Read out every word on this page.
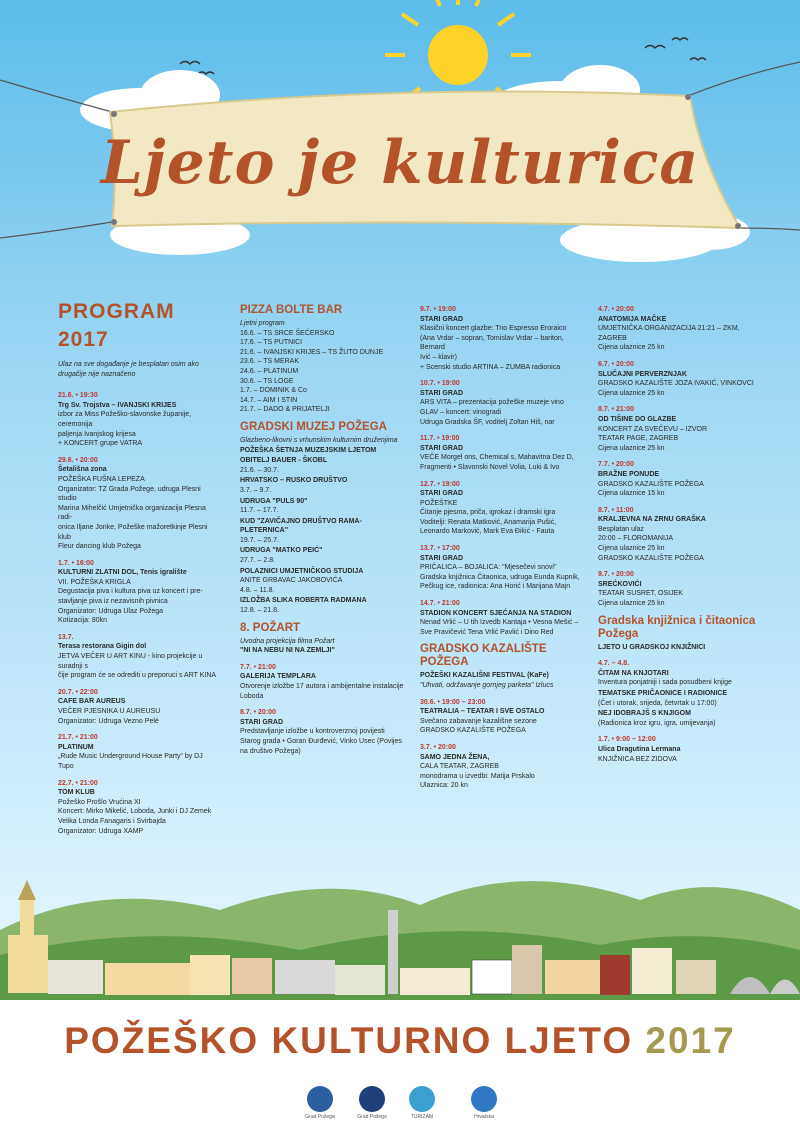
Ljeto je kulturica
PROGRAM 2017
Ulaz na sve događanje je besplatan osim ako drugačije nije naznačeno
21.6. • 19:30
Trg Sv. Trojstva – IVANJSKI KRIJES
izbor za Miss Požeško-slavonske županije, ceremonija
paljenja Ivanjskog krijesa
+ KONCERT grupe VATRA
29.6. • 20:00
Šetališna zona
POŽEŠKA FUŠNA LEPEZA
Organizator: TZ Grada Požege, udruga Plesni studio
Marina Mihelčić Umjetnička organizacija Plesna radi-
onica Iljane Jonke, Požeške mažoretkinje Plesni klub
Fleur dancing klub Požega
1.7. • 16:00
KULTURNI ZLATNI DOL, Tenis igralište
VII. POŽEŠKA KRIGLA
Degustacija piva i kultura piva uz koncert i pre-
stavljanje piva iz nezavisnih pivnica
Organizator: Udruga Ulaz Požega
Kotizacija: 80kn
13.7.
Terasa restorana Gigin dol
JETVA VEČER U ART KINU - kino projekcije u suradnji s
čije program će se odrediti u preporuci s ART KINA
20.7. • 22:00
CAFE BAR AUREUS
VEČER PJESNIKA U AUREUSU
Organizator: Udruga Vezno Pelé
21.7. • 21:00
PLATINUM
„Rude Music Underground House Party“ by DJ Tupo
22.7. • 21:00
TOM KLUB
Požeško Prošlo Vrućina XI
Koncert: Mirko Mikelić, Loboda, Junki i DJ Zemek
Velika Londa Fanagaris i Svirbajda
Organizator: Udruga XAMP
PIZZA BOLTE BAR
Ljetni program
16.6. – TS SRCE ŠEĆERSKO
17.6. – TS PUTNICI
21.6. – IVANJSKI KRIJES – TS ŽUTO DUNJE
23.6. – TS MERAK
24.6. – PLATINUM
30.6. – TS LOGE
1.7. – DOMINIK & Co
14.7. – AIM I STIN
21.7. – DADO & PRIJATELJI
GRADSKI MUZEJ POŽEGA
Glazbeno-likovni s vrhunskim kulturnim druženjima
POŽEŠKA ŠETNJA MUZEJSKIM LJETOM
OBITELJ BAUER - ŠKOBL
21.6. – 30.7.
HRVATSKO – RUSKO DRUŠTVO
3.7. – 9.7.
UDRUGA "PULS 90"
11.7. – 17.7.
KUD "ZAVIČAJNO DRUŠTVO RAMA-PLETERNICA"
19.7. – 25.7.
UDRUGA "MATKO PEIĆ"
27.7. – 2.8.
POLAZNICI UMJETNIČKOG STUDIJA
ANITE GRBAVAC JAKOBOVIĆA
4.8. – 11.8.
IZLOŽBA SLIKA ROBERTA RADMANA
12.8. – 21.8.
8. POŽART
Uvodna projekcija filma Požart
"NI NA NEBU NI NA ZEMLJI"
7.7. • 21:00
GALERIJA TEMPLARA
Otvorenje izložbe 17 autora i ambijentalne instalacije
Loboda
8.7. • 20:00
STARI GRAD
Predstavljanje izložbe u kontroverznoj povijesti
Starog grada • Goran Đurđević, Vinko Usec (Povijes
na društvo Požega)
9.7. • 19:00
STARI GRAD
Klasični koncert glazbe: Trio Espresso Eroraico
(Ana Vrdar – sopran, Tomislav Vrdar – bariton, Bernard
Ivić – klavir)
+ Scenski studio ARTINA – ZUMBA radionica
10.7. • 19:00
STARI GRAD
ARS VITA – prezentacija požeške muzeje vino
GLAV – koncert: vinogradi
Udruga Gradska ŠF, voditelj Zoltan Hiš, nar
11.7. • 19:00
STARI GRAD
VEČE Morgel ons, Chemical s, Mahavitna Dez D,
Fragmenti • Slavonski Novel Volia, Luki & Ivo
12.7. • 19:00
STARI GRAD
POŽEŠTKE
Čitanje pjesma, priča, igrokaz i dramski igra
Voditelji: Renata Matković, Anamarija Pušić,
Leonardo Marković, Mark Eva Đikić - Fauta
13.7. • 17:00
STARI GRAD
PRIČALICA – BOJALICA: "Mjesečevi snovi"
Gradska knjižnica Čitaonica, udruga Eunda Kupnik,
Pečkug ice, radionica: Ana Horić i Marijana Majn
14.7. • 21:00
STADION KONCERT SJEĆANJA NA STADION
Nenad Vrlić – U tih Izvedb Kantaja • Vesna Mešić –
Sve Pravičević Tena Vrlić Pavlić i Dino Red
GRADSKO KAZALIŠTE POŽEGA
POŽEŠKI KAZALIŠNI FESTIVAL (KaFe)
"Uhvati, održavanje gornjeg parketa" Izlucs
30.6. • 19:00 – 23:00
TEATRALIA – TEATAR I SVE OSTALO
Svečano zabavanje kazališne sezone
GRADSKO KAZALIŠTE POŽEGA
3.7. • 20:00
SAMO JEDNA ŽENA,
CALA TEATAR, ZAGREB
monodrama u izvedbi: Matija Prskalo
Ulaznica: 20 kn
4.7. • 20:00
ANATOMIJA MAČKE
UMJETNIČKA ORGANIZACIJA 21:21 – ZKM, ZAGREB
Cijena ulaznice 25 kn
6.7. • 20:00
SLUČAJNI PERVERZNJAK
GRADSKO KAZALIŠTE JOZA IVAKIĆ, VINKOVCI
Cijena ulaznice 25 kn
8.7. • 21:00
OD TIŠINE DO GLAZBE
KONCERT ZA SVEČEVU – IZVOR
TEATAR PAGE, ZAGREB
Cijena ulaznice 25 kn
7.7. • 20:00
BRAŽNE PONUDE
GRADSKO KAZALIŠTE POŽEGA
Cijena ulaznice 15 kn
8.7. • 11:00
KRALJEVNA NA ZRNU GRAŠKA
Besplatan ulaz
20:00 – FLOROMANIJA
Cijena ulaznice 25 kn
GRADSKO KAZALIŠTE POŽEGA
9.7. • 20:00
SREĆKOVIĆI
TEATAR SUSRET, OSIJEK
Cijena ulaznice 25 kn
Gradska knjižnica i čitaonica Požega
LJETO U GRADSKOJ KNJIŽNICI
4.7. – 4.8.
ČITAM NA KNJOTARI
Inventura ponjatniji i sada posudbeni knjige
TEMATSKE PRIČAONICE I RADIONICE
(Čet i utorak, srijeda, četvrtak u 17:00)
NEJ IDOBRAJŠ S KNJIGOM
(Radionica kroz igru, igra, umijevanja)
1.7. • 9:00 – 12:00
Ulica Dragutina Lermana
KNJIŽNICA BEZ ZIDOVA
POŽEŠKO KULTURNO LJETO 2017
Grad Požega	Grad Požega	TURIZAM	Hrvatska
